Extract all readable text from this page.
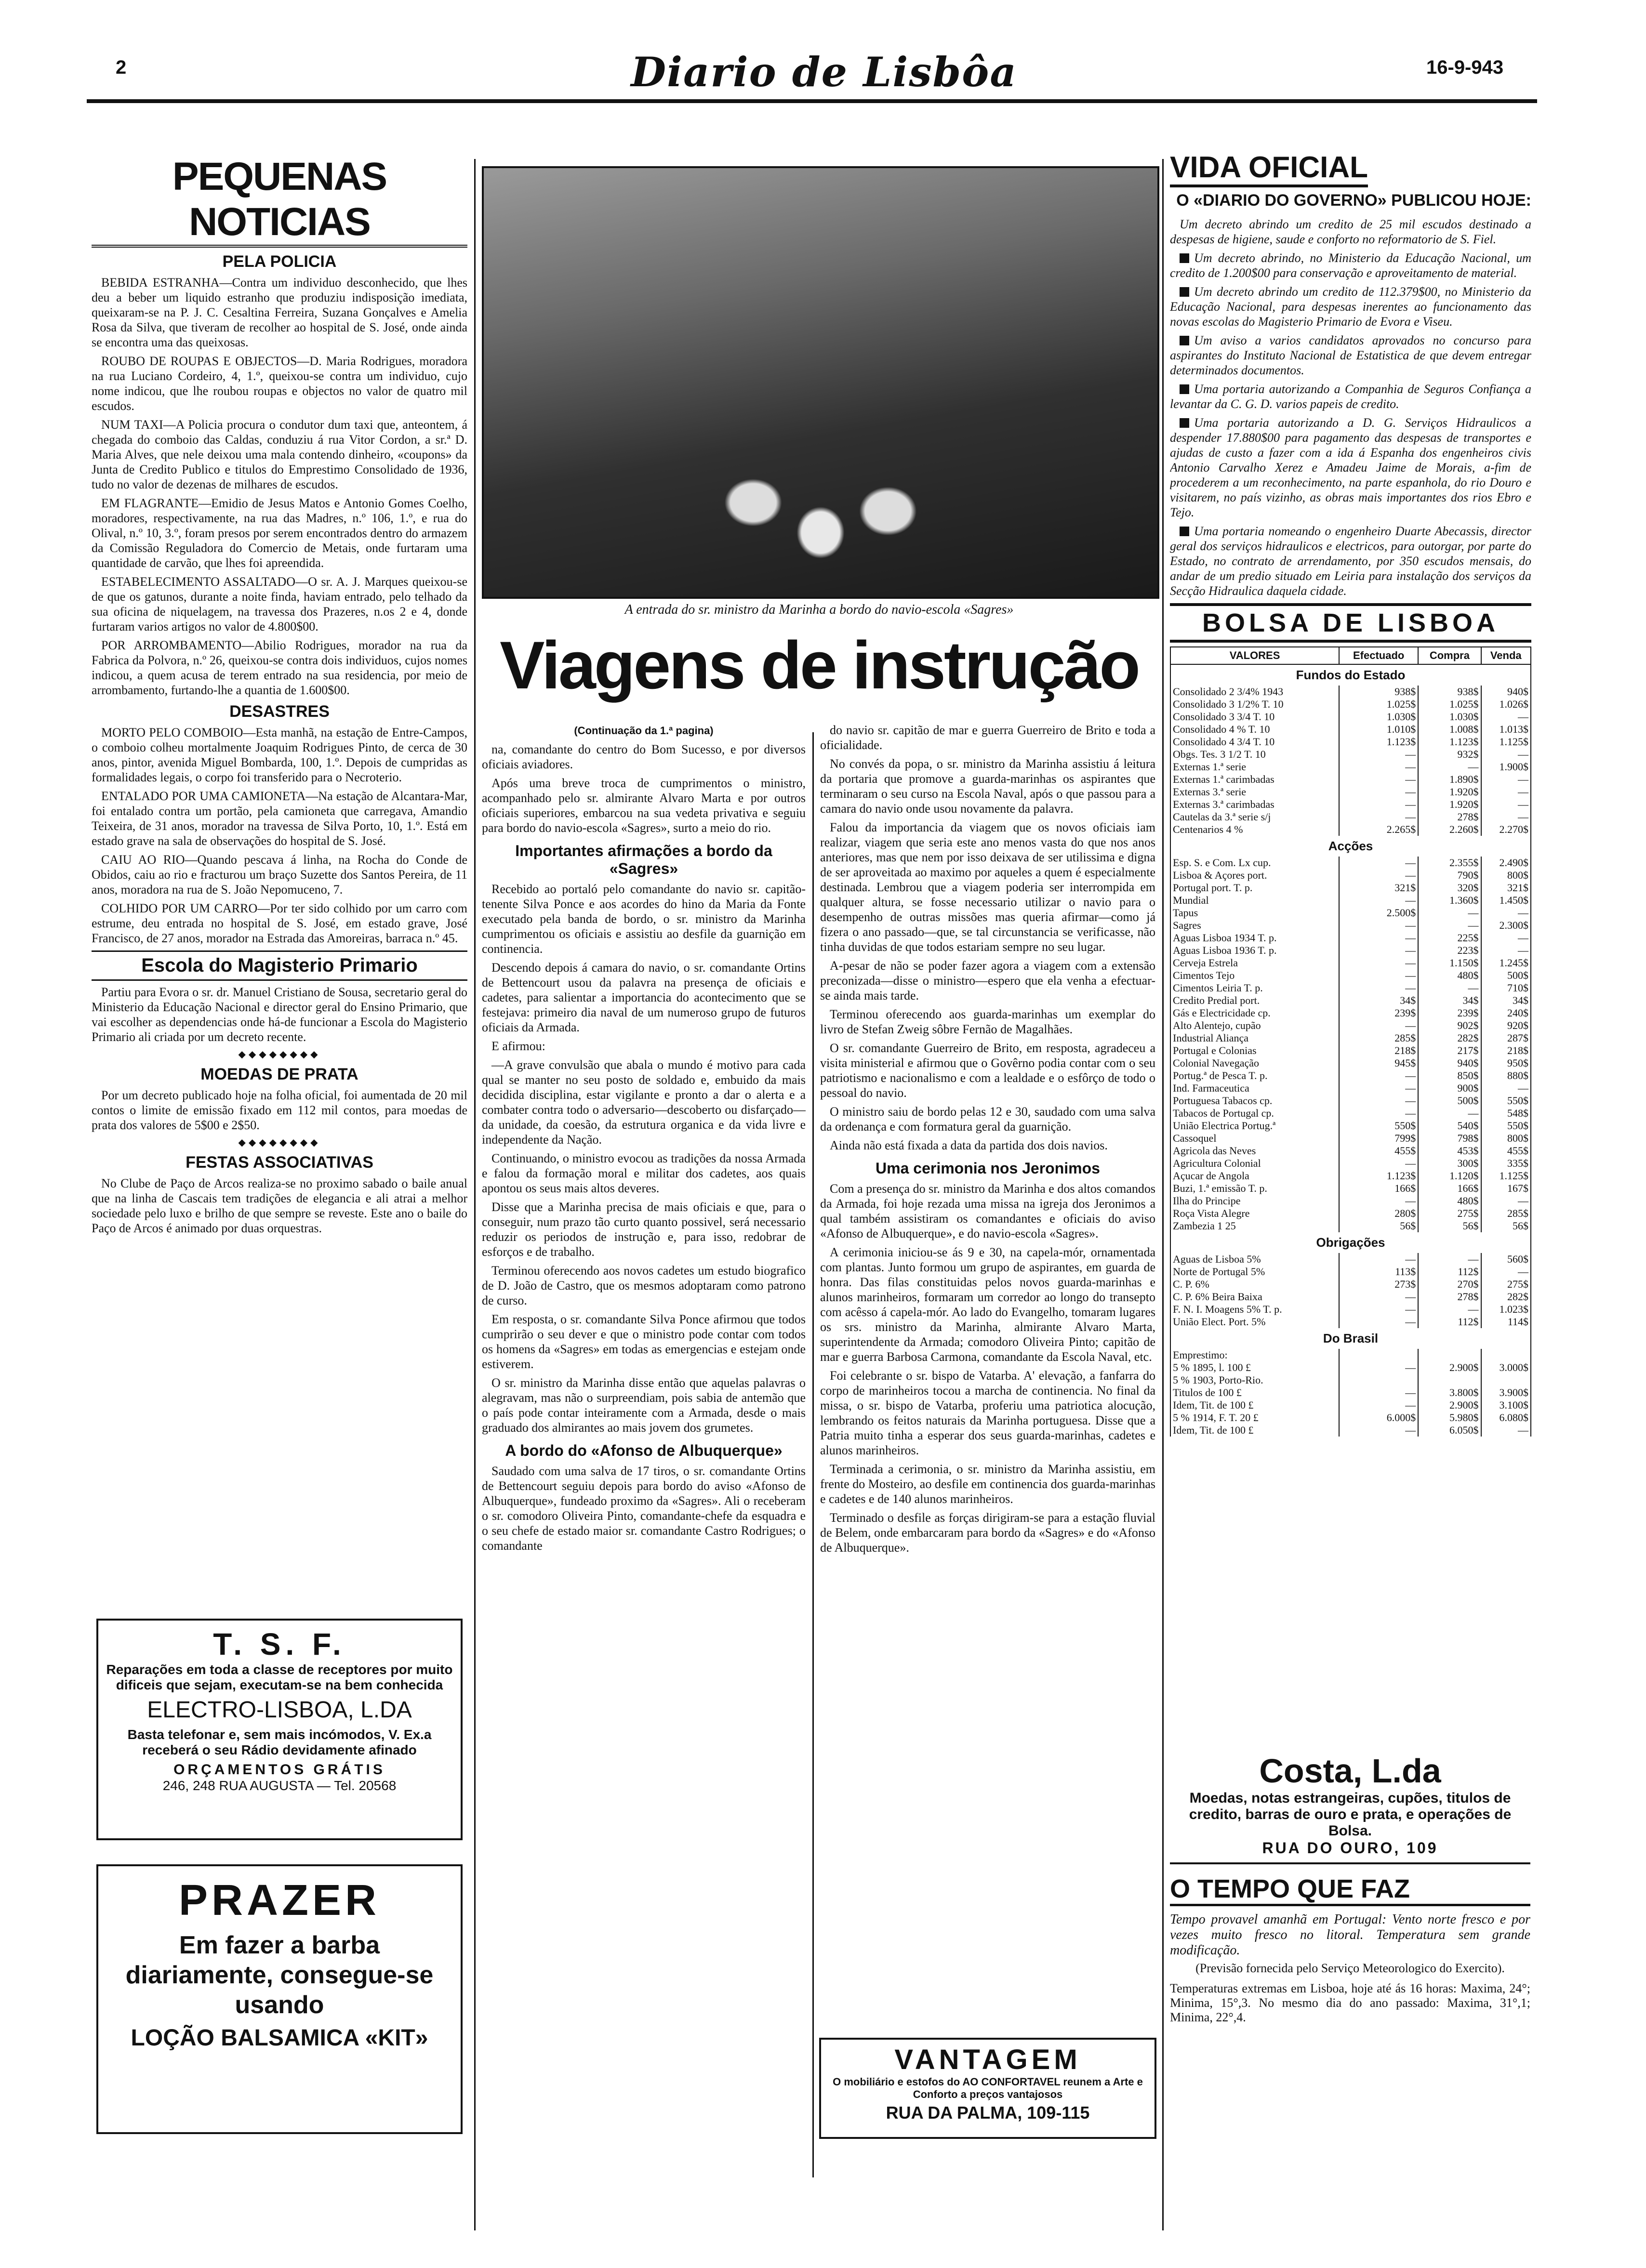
2	Diario de Lisbôa	16-9-943
PEQUENAS NOTICIAS
PELA POLICIA

BEBIDA ESTRANHA—Contra um individuo desconhecido, que lhes deu a beber um liquido estranho que produziu indisposição imediata, queixaram-se na P. J. C. Cesaltina Ferreira, Suzana Gonçalves e Amelia Rosa da Silva, que tiveram de recolher ao hospital de S. José, onde ainda se encontra uma das queixosas.

ROUBO DE ROUPAS E OBJECTOS—D. Maria Rodrigues, moradora na rua Luciano Cordeiro, 4, 1.º, queixou-se contra um individuo, cujo nome indicou, que lhe roubou roupas e objectos no valor de quatro mil escudos.

NUM TAXI—A Policia procura o condutor dum taxi que, anteontem, á chegada do comboio das Caldas, conduziu á rua Vitor Cordon, a sr.ª D. Maria Alves, que nele deixou uma mala contendo dinheiro, «coupons» da Junta de Credito Publico e titulos do Emprestimo Consolidado de 1936, tudo no valor de dezenas de milhares de escudos.

EM FLAGRANTE—Emidio de Jesus Matos e Antonio Gomes Coelho, moradores, respectivamente, na rua das Madres, n.º 106, 1.º, e rua do Olival, n.º 10, 3.º, foram presos por serem encontrados dentro do armazem da Comissão Reguladora do Comercio de Metais, onde furtaram uma quantidade de carvão, que lhes foi apreendida.

ESTABELECIMENTO ASSALTADO—O sr. A. J. Marques queixou-se de que os gatunos, durante a noite finda, haviam entrado, pelo telhado da sua oficina de niquelagem, na travessa dos Prazeres, n.os 2 e 4, donde furtaram varios artigos no valor de 4.800$00.

POR ARROMBAMENTO—Abilio Rodrigues, morador na rua da Fabrica da Polvora, n.º 26, queixou-se contra dois individuos, cujos nomes indicou, a quem acusa de terem entrado na sua residencia, por meio de arrombamento, furtando-lhe a quantia de 1.600$00.

DESASTRES

MORTO PELO COMBOIO—Esta manhã, na estação de Entre-Campos, o comboio colheu mortalmente Joaquim Rodrigues Pinto, de cerca de 30 anos, pintor, avenida Miguel Bombarda, 100, 1.º. Depois de cumpridas as formalidades legais, o corpo foi transferido para o Necroterio.

ENTALADO POR UMA CAMIONETA—Na estação de Alcantara-Mar, foi entalado contra um portão, pela camioneta que carregava, Amandio Teixeira, de 31 anos, morador na travessa de Silva Porto, 10, 1.º. Está em estado grave na sala de observações do hospital de S. José.

CAIU AO RIO—Quando pescava á linha, na Rocha do Conde de Obidos, caiu ao rio e fracturou um braço Suzette dos Santos Pereira, de 11 anos, moradora na rua de S. João Nepomuceno, 7.

COLHIDO POR UM CARRO—Por ter sido colhido por um carro com estrume, deu entrada no hospital de S. José, em estado grave, José Francisco, de 27 anos, morador na Estrada das Amoreiras, barraca n.º 45.

Escola do Magisterio Primario

Partiu para Evora o sr. dr. Manuel Cristiano de Sousa, secretario geral do Ministerio da Educação Nacional e director geral do Ensino Primario, que vai escolher as dependencias onde há-de funcionar a Escola do Magisterio Primario ali criada por um decreto recente.

◆◆◆◆◆◆◆◆
MOEDAS DE PRATA

Por um decreto publicado hoje na folha oficial, foi aumentada de 20 mil contos o limite de emissão fixado em 112 mil contos, para moedas de prata dos valores de 5$00 e 2$50.

◆◆◆◆◆◆◆◆
FESTAS ASSOCIATIVAS

No Clube de Paço de Arcos realiza-se no proximo sabado o baile anual que na linha de Cascais tem tradições de elegancia e ali atrai a melhor sociedade pelo luxo e brilho de que sempre se reveste. Este ano o baile do Paço de Arcos é animado por duas orquestras.

T. S. F.
Reparações em toda a classe de receptores por muito dificeis que sejam, executam-se na bem conhecida
ELECTRO-LISBOA, L.DA
Basta telefonar e, sem mais incómodos, V. Ex.a receberá o seu Rádio devidamente afinado
ORÇAMENTOS GRÁTIS
246, 248 RUA AUGUSTA — Tel. 20568
PRAZER
Em fazer a barba diariamente, consegue-se usando
LOÇÃO BALSAMICA «KIT»
A entrada do sr. ministro da Marinha a bordo do navio-escola «Sagres»
Viagens de instrução
(Continuação da 1.ª pagina)

na, comandante do centro do Bom Sucesso, e por diversos oficiais aviadores.

Após uma breve troca de cumprimentos o ministro, acompanhado pelo sr. almirante Alvaro Marta e por outros oficiais superiores, embarcou na sua vedeta privativa e seguiu para bordo do navio-escola «Sagres», surto a meio do rio.

Importantes afirmações a bordo da «Sagres»

Recebido ao portaló pelo comandante do navio sr. capitão-tenente Silva Ponce e aos acordes do hino da Maria da Fonte executado pela banda de bordo, o sr. ministro da Marinha cumprimentou os oficiais e assistiu ao desfile da guarnição em continencia.

Descendo depois á camara do navio, o sr. comandante Ortins de Bettencourt usou da palavra na presença de oficiais e cadetes, para salientar a importancia do acontecimento que se festejava: primeiro dia naval de um numeroso grupo de futuros oficiais da Armada.

E afirmou:

—A grave convulsão que abala o mundo é motivo para cada qual se manter no seu posto de soldado e, embuido da mais decidida disciplina, estar vigilante e pronto a dar o alerta e a combater contra todo o adversario—descoberto ou disfarçado—da unidade, da coesão, da estrutura organica e da vida livre e independente da Nação.

Continuando, o ministro evocou as tradições da nossa Armada e falou da formação moral e militar dos cadetes, aos quais apontou os seus mais altos deveres.

Disse que a Marinha precisa de mais oficiais e que, para o conseguir, num prazo tão curto quanto possivel, será necessario reduzir os periodos de instrução e, para isso, redobrar de esforços e de trabalho.

Terminou oferecendo aos novos cadetes um estudo biografico de D. João de Castro, que os mesmos adoptaram como patrono de curso.

Em resposta, o sr. comandante Silva Ponce afirmou que todos cumprirão o seu dever e que o ministro pode contar com todos os homens da «Sagres» em todas as emergencias e estejam onde estiverem.

O sr. ministro da Marinha disse então que aquelas palavras o alegravam, mas não o surpreendiam, pois sabia de antemão que o país pode contar inteiramente com a Armada, desde o mais graduado dos almirantes ao mais jovem dos grumetes.

A bordo do «Afonso de Albuquerque»

Saudado com uma salva de 17 tiros, o sr. comandante Ortins de Bettencourt seguiu depois para bordo do aviso «Afonso de Albuquerque», fundeado proximo da «Sagres». Ali o receberam o sr. comodoro Oliveira Pinto, comandante-chefe da esquadra e o seu chefe de estado maior sr. comandante Castro Rodrigues; o comandante

do navio sr. capitão de mar e guerra Guerreiro de Brito e toda a oficialidade.

No convés da popa, o sr. ministro da Marinha assistiu á leitura da portaria que promove a guarda-marinhas os aspirantes que terminaram o seu curso na Escola Naval, após o que passou para a camara do navio onde usou novamente da palavra.

Falou da importancia da viagem que os novos oficiais iam realizar, viagem que seria este ano menos vasta do que nos anos anteriores, mas que nem por isso deixava de ser utilissima e digna de ser aproveitada ao maximo por aqueles a quem é especialmente destinada. Lembrou que a viagem poderia ser interrompida em qualquer altura, se fosse necessario utilizar o navio para o desempenho de outras missões mas queria afirmar—como já fizera o ano passado—que, se tal circunstancia se verificasse, não tinha duvidas de que todos estariam sempre no seu lugar.

A-pesar de não se poder fazer agora a viagem com a extensão preconizada—disse o ministro—espero que ela venha a efectuar-se ainda mais tarde.

Terminou oferecendo aos guarda-marinhas um exemplar do livro de Stefan Zweig sôbre Fernão de Magalhães.

O sr. comandante Guerreiro de Brito, em resposta, agradeceu a visita ministerial e afirmou que o Govêrno podia contar com o seu patriotismo e nacionalismo e com a lealdade e o esfôrço de todo o pessoal do navio.

O ministro saiu de bordo pelas 12 e 30, saudado com uma salva da ordenança e com formatura geral da guarnição.

Ainda não está fixada a data da partida dos dois navios.

Uma cerimonia nos Jeronimos

Com a presença do sr. ministro da Marinha e dos altos comandos da Armada, foi hoje rezada uma missa na igreja dos Jeronimos a qual também assistiram os comandantes e oficiais do aviso «Afonso de Albuquerque», e do navio-escola «Sagres».

A cerimonia iniciou-se ás 9 e 30, na capela-mór, ornamentada com plantas. Junto formou um grupo de aspirantes, em guarda de honra. Das filas constituidas pelos novos guarda-marinhas e alunos marinheiros, formaram um corredor ao longo do transepto com acêsso á capela-mór. Ao lado do Evangelho, tomaram lugares os srs. ministro da Marinha, almirante Alvaro Marta, superintendente da Armada; comodoro Oliveira Pinto; capitão de mar e guerra Barbosa Carmona, comandante da Escola Naval, etc.

Foi celebrante o sr. bispo de Vatarba. A' elevação, a fanfarra do corpo de marinheiros tocou a marcha de continencia. No final da missa, o sr. bispo de Vatarba, proferiu uma patriotica alocução, lembrando os feitos naturais da Marinha portuguesa. Disse que a Patria muito tinha a esperar dos seus guarda-marinhas, cadetes e alunos marinheiros.

Terminada a cerimonia, o sr. ministro da Marinha assistiu, em frente do Mosteiro, ao desfile em continencia dos guarda-marinhas e cadetes e de 140 alunos marinheiros.

Terminado o desfile as forças dirigiram-se para a estação fluvial de Belem, onde embarcaram para bordo da «Sagres» e do «Afonso de Albuquerque».

VANTAGEM
O mobiliário e estofos do AO CONFORTAVEL reunem a Arte e Conforto a preços vantajosos
RUA DA PALMA, 109-115
VIDA OFICIAL
O «DIARIO DO GOVERNO» PUBLICOU HOJE:

Um decreto abrindo um credito de 25 mil escudos destinado a despesas de higiene, saude e conforto no reformatorio de S. Fiel.

Um decreto abrindo, no Ministerio da Educação Nacional, um credito de 1.200$00 para conservação e aproveitamento de material.

Um decreto abrindo um credito de 112.379$00, no Ministerio da Educação Nacional, para despesas inerentes ao funcionamento das novas escolas do Magisterio Primario de Evora e Viseu.

Um aviso a varios candidatos aprovados no concurso para aspirantes do Instituto Nacional de Estatistica de que devem entregar determinados documentos.

Uma portaria autorizando a Companhia de Seguros Confiança a levantar da C. G. D. varios papeis de credito.

Uma portaria autorizando a D. G. Serviços Hidraulicos a despender 17.880$00 para pagamento das despesas de transportes e ajudas de custo a fazer com a ida á Espanha dos engenheiros civis Antonio Carvalho Xerez e Amadeu Jaime de Morais, a-fim de procederem a um reconhecimento, na parte espanhola, do rio Douro e visitarem, no país vizinho, as obras mais importantes dos rios Ebro e Tejo.

Uma portaria nomeando o engenheiro Duarte Abecassis, director geral dos serviços hidraulicos e electricos, para outorgar, por parte do Estado, no contrato de arrendamento, por 350 escudos mensais, do andar de um predio situado em Leiria para instalação dos serviços da Secção Hidraulica daquela cidade.

BOLSA DE LISBOA
VALORES	Efectuado	Compra	Venda
Fundos do Estado			
Consolidado 2 3/4% 1943	938$	938$	940$
Consolidado 3 1/2% T. 10	1.025$	1.025$	1.026$
Consolidado 3 3/4 T. 10	1.030$	1.030$	—
Consolidado 4 % T. 10	1.010$	1.008$	1.013$
Consolidado 4 3/4 T. 10	1.123$	1.123$	1.125$
Obgs. Tes. 3 1/2 T. 10	—	932$	—
Externas 1.ª serie	—	—	1.900$
Externas 1.ª carimbadas	—	1.890$	—
Externas 3.ª serie	—	1.920$	—
Externas 3.ª carimbadas	—	1.920$	—
Cautelas da 3.ª serie s/j	—	278$	—
Centenarios 4 %	2.265$	2.260$	2.270$
Acções			
Esp. S. e Com. Lx cup.	—	2.355$	2.490$
Lisboa & Açores port.	—	790$	800$
Portugal port. T. p.	321$	320$	321$
Mundial	—	1.360$	1.450$
Tapus	2.500$	—	—
Sagres	—	—	2.300$
Aguas Lisboa 1934 T. p.	—	225$	—
Aguas Lisboa 1936 T. p.	—	223$	—
Cerveja Estrela	—	1.150$	1.245$
Cimentos Tejo	—	480$	500$
Cimentos Leiria T. p.	—	—	710$
Credito Predial port.	34$	34$	34$
Gás e Electricidade cp.	239$	239$	240$
Alto Alentejo, cupão	—	902$	920$
Industrial Aliança	285$	282$	287$
Portugal e Colonias	218$	217$	218$
Colonial Navegação	945$	940$	950$
Portug.ª de Pesca T. p.	—	850$	880$
Ind. Farmaceutica	—	900$	—
Portuguesa Tabacos cp.	—	500$	550$
Tabacos de Portugal cp.	—	—	548$
União Electrica Portug.ª	550$	540$	550$
Cassoquel	799$	798$	800$
Agricola das Neves	455$	453$	455$
Agricultura Colonial	—	300$	335$
Açucar de Angola	1.123$	1.120$	1.125$
Buzi, 1.ª emissão T. p.	166$	166$	167$
Ilha do Principe	—	480$	—
Roça Vista Alegre	280$	275$	285$
Zambezia 1 25	56$	56$	56$
Obrigações			
Aguas de Lisboa 5%	—	—	560$
Norte de Portugal 5%	113$	112$	—
C. P. 6%	273$	270$	275$
C. P. 6% Beira Baixa	—	278$	282$
F. N. I. Moagens 5% T. p.	—	—	1.023$
União Elect. Port. 5%	—	112$	114$
Do Brasil			
Emprestimo:			
5 % 1895, l. 100 £	—	2.900$	3.000$
5 % 1903, Porto-Rio.			
Titulos de 100 £	—	3.800$	3.900$
Idem, Tit. de 100 £	—	2.900$	3.100$
5 % 1914, F. T. 20 £	6.000$	5.980$	6.080$
Idem, Tit. de 100 £	—	6.050$	—
Costa, L.da
Moedas, notas estrangeiras, cupões, titulos de credito, barras de ouro e prata, e operações de Bolsa.
RUA DO OURO, 109
O TEMPO QUE FAZ
Tempo provavel amanhã em Portugal: Vento norte fresco e por vezes muito fresco no litoral. Temperatura sem grande modificação.
(Previsão fornecida pelo Serviço Meteorologico do Exercito).
Temperaturas extremas em Lisboa, hoje até ás 16 horas: Maxima, 24°; Minima, 15°,3. No mesmo dia do ano passado: Maxima, 31°,1; Minima, 22°,4.
